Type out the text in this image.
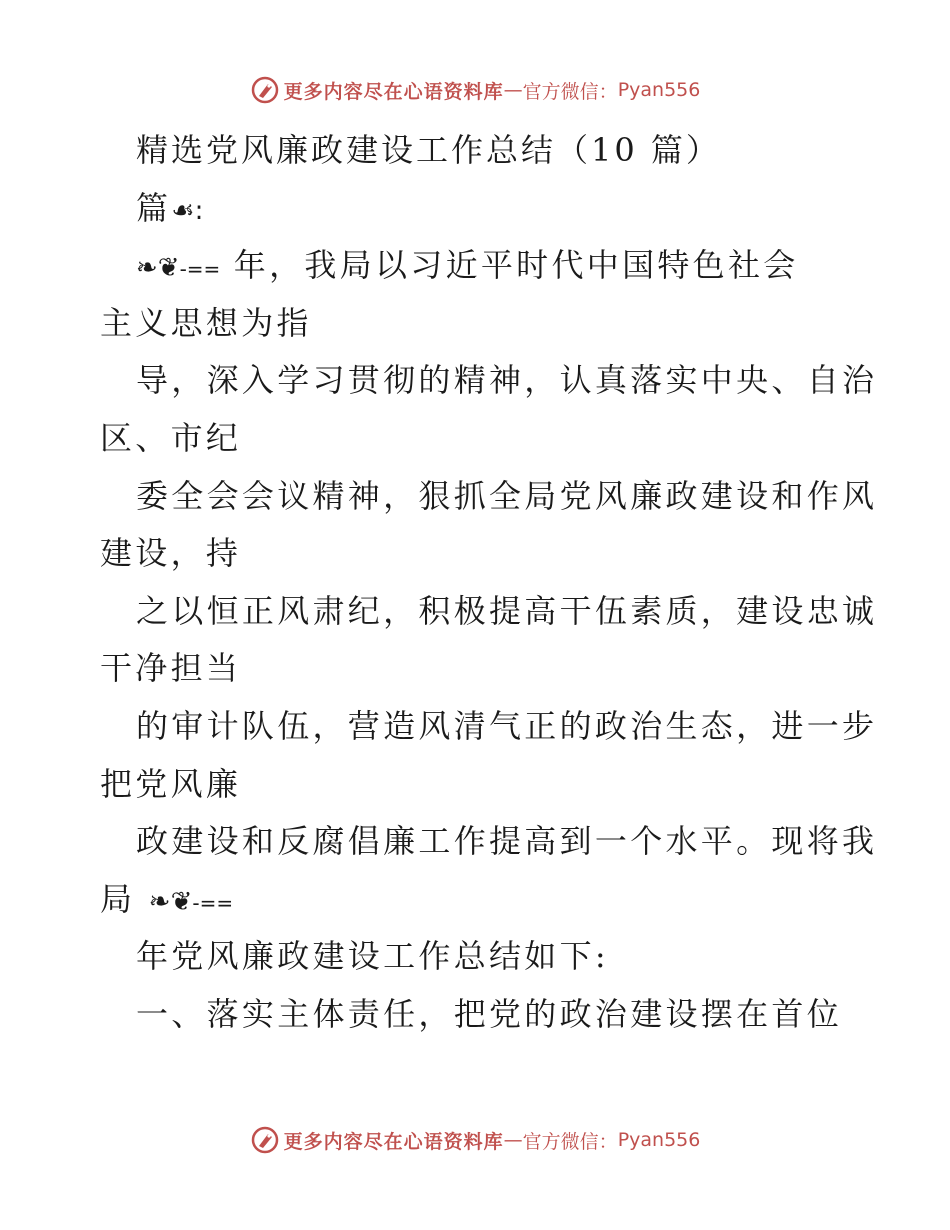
更多内容尽在心语资料库 — 官方微信： Pyan556
精选党风廉政建设工作总结（10 篇）
篇☙:
❧❦-== 年，我局以习近平时代中国特色社会
主义思想为指
导，深入学习贯彻的精神，认真落实中央、自治
区、市纪
委全会会议精神，狠抓全局党风廉政建设和作风
建设，持
之以恒正风肃纪，积极提高干伍素质，建设忠诚
干净担当
的审计队伍，营造风清气正的政治生态，进一步
把党风廉
政建设和反腐倡廉工作提高到一个水平。现将我
局 ❧❦-==
年党风廉政建设工作总结如下:
一、落实主体责任，把党的政治建设摆在首位
更多内容尽在心语资料库 — 官方微信： Pyan556
